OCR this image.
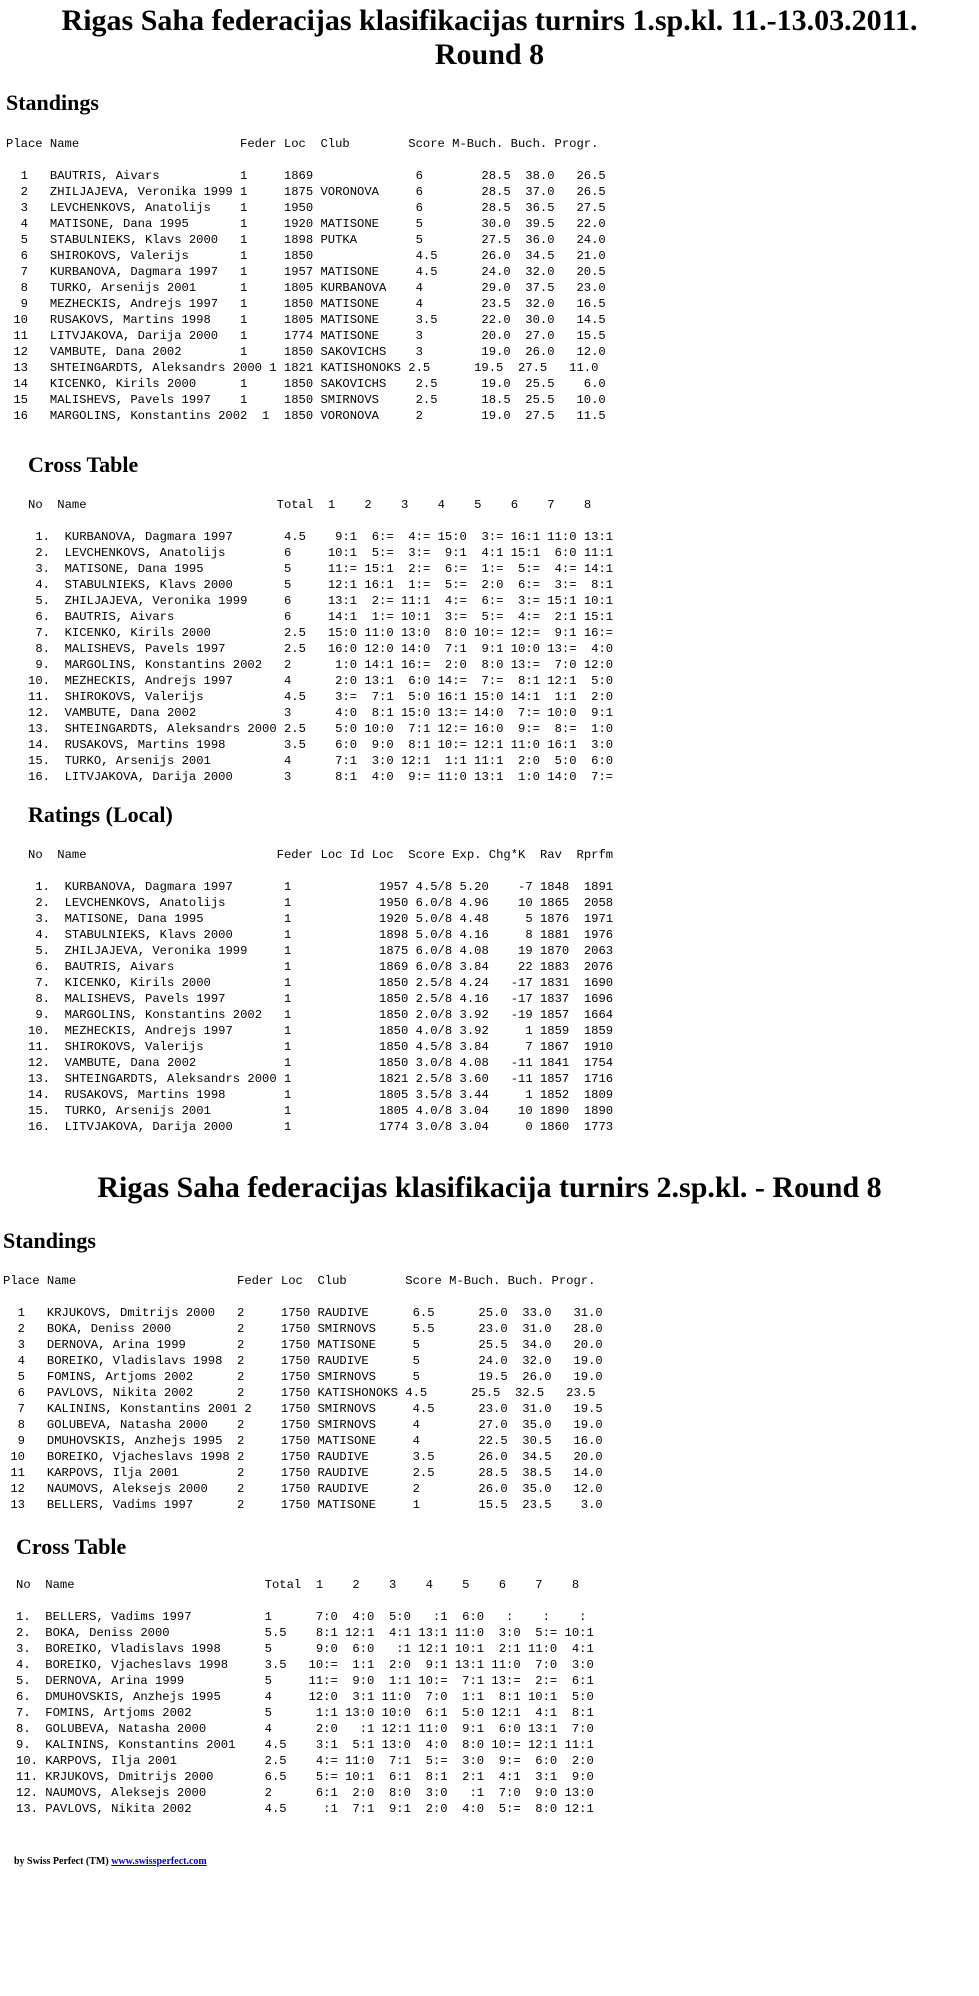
Rigas Saha federacijas klasifikacijas turnirs 1.sp.kl. 11.-13.03.2011.

Round 8

Standings
Place Name                      Feder Loc  Club        Score M-Buch. Buch. Progr.

1   BAUTRIS, Aivars           1     1869              6        28.5  38.0   26.5
2   ZHILJAJEVA, Veronika 1999 1     1875 VORONOVA     6        28.5  37.0   26.5
3   LEVCHENKOVS, Anatolijs    1     1950              6        28.5  36.5   27.5
4   MATISONE, Dana 1995       1     1920 MATISONE     5        30.0  39.5   22.0
5   STABULNIEKS, Klavs 2000   1     1898 PUTKA        5        27.5  36.0   24.0
6   SHIROKOVS, Valerijs       1     1850              4.5      26.0  34.5   21.0
7   KURBANOVA, Dagmara 1997   1     1957 MATISONE     4.5      24.0  32.0   20.5
8   TURKO, Arsenijs 2001      1     1805 KURBANOVA    4        29.0  37.5   23.0
9   MEZHECKIS, Andrejs 1997   1     1850 MATISONE     4        23.5  32.0   16.5
10   RUSAKOVS, Martins 1998    1     1805 MATISONE     3.5      22.0  30.0   14.5
11   LITVJAKOVA, Darija 2000   1     1774 MATISONE     3        20.0  27.0   15.5
12   VAMBUTE, Dana 2002        1     1850 SAKOVICHS    3        19.0  26.0   12.0
13   SHTEINGARDTS, Aleksandrs 2000 1 1821 KATISHONOKS 2.5      19.5  27.5   11.0
14   KICENKO, Kirils 2000      1     1850 SAKOVICHS    2.5      19.0  25.5    6.0
15   MALISHEVS, Pavels 1997    1     1850 SMIRNOVS     2.5      18.5  25.5   10.0
16   MARGOLINS, Konstantins 2002  1  1850 VORONOVA     2        19.0  27.5   11.5
Cross Table
No  Name                          Total  1    2    3    4    5    6    7    8

1.  KURBANOVA, Dagmara 1997       4.5    9:1  6:=  4:= 15:0  3:= 16:1 11:0 13:1
2.  LEVCHENKOVS, Anatolijs        6     10:1  5:=  3:=  9:1  4:1 15:1  6:0 11:1
3.  MATISONE, Dana 1995           5     11:= 15:1  2:=  6:=  1:=  5:=  4:= 14:1
4.  STABULNIEKS, Klavs 2000       5     12:1 16:1  1:=  5:=  2:0  6:=  3:=  8:1
5.  ZHILJAJEVA, Veronika 1999     6     13:1  2:= 11:1  4:=  6:=  3:= 15:1 10:1
6.  BAUTRIS, Aivars               6     14:1  1:= 10:1  3:=  5:=  4:=  2:1 15:1
7.  KICENKO, Kirils 2000          2.5   15:0 11:0 13:0  8:0 10:= 12:=  9:1 16:=
8.  MALISHEVS, Pavels 1997        2.5   16:0 12:0 14:0  7:1  9:1 10:0 13:=  4:0
9.  MARGOLINS, Konstantins 2002   2      1:0 14:1 16:=  2:0  8:0 13:=  7:0 12:0
10.  MEZHECKIS, Andrejs 1997       4      2:0 13:1  6:0 14:=  7:=  8:1 12:1  5:0
11.  SHIROKOVS, Valerijs           4.5    3:=  7:1  5:0 16:1 15:0 14:1  1:1  2:0
12.  VAMBUTE, Dana 2002            3      4:0  8:1 15:0 13:= 14:0  7:= 10:0  9:1
13.  SHTEINGARDTS, Aleksandrs 2000 2.5    5:0 10:0  7:1 12:= 16:0  9:=  8:=  1:0
14.  RUSAKOVS, Martins 1998        3.5    6:0  9:0  8:1 10:= 12:1 11:0 16:1  3:0
15.  TURKO, Arsenijs 2001          4      7:1  3:0 12:1  1:1 11:1  2:0  5:0  6:0
16.  LITVJAKOVA, Darija 2000       3      8:1  4:0  9:= 11:0 13:1  1:0 14:0  7:=
Ratings (Local)
No  Name                          Feder Loc Id Loc  Score Exp. Chg*K  Rav  Rprfm

1.  KURBANOVA, Dagmara 1997       1            1957 4.5/8 5.20    -7 1848  1891
2.  LEVCHENKOVS, Anatolijs        1            1950 6.0/8 4.96    10 1865  2058
3.  MATISONE, Dana 1995           1            1920 5.0/8 4.48     5 1876  1971
4.  STABULNIEKS, Klavs 2000       1            1898 5.0/8 4.16     8 1881  1976
5.  ZHILJAJEVA, Veronika 1999     1            1875 6.0/8 4.08    19 1870  2063
6.  BAUTRIS, Aivars               1            1869 6.0/8 3.84    22 1883  2076
7.  KICENKO, Kirils 2000          1            1850 2.5/8 4.24   -17 1831  1690
8.  MALISHEVS, Pavels 1997        1            1850 2.5/8 4.16   -17 1837  1696
9.  MARGOLINS, Konstantins 2002   1            1850 2.0/8 3.92   -19 1857  1664
10.  MEZHECKIS, Andrejs 1997       1            1850 4.0/8 3.92     1 1859  1859
11.  SHIROKOVS, Valerijs           1            1850 4.5/8 3.84     7 1867  1910
12.  VAMBUTE, Dana 2002            1            1850 3.0/8 4.08   -11 1841  1754
13.  SHTEINGARDTS, Aleksandrs 2000 1            1821 2.5/8 3.60   -11 1857  1716
14.  RUSAKOVS, Martins 1998        1            1805 3.5/8 3.44     1 1852  1809
15.  TURKO, Arsenijs 2001          1            1805 4.0/8 3.04    10 1890  1890
16.  LITVJAKOVA, Darija 2000       1            1774 3.0/8 3.04     0 1860  1773

Rigas Saha federacijas klasifikacija turnirs 2.sp.kl. - Round 8

Standings
Place Name                      Feder Loc  Club        Score M-Buch. Buch. Progr.

1   KRJUKOVS, Dmitrijs 2000   2     1750 RAUDIVE      6.5      25.0  33.0   31.0
2   BOKA, Deniss 2000         2     1750 SMIRNOVS     5.5      23.0  31.0   28.0
3   DERNOVA, Arina 1999       2     1750 MATISONE     5        25.5  34.0   20.0
4   BOREIKO, Vladislavs 1998  2     1750 RAUDIVE      5        24.0  32.0   19.0
5   FOMINS, Artjoms 2002      2     1750 SMIRNOVS     5        19.5  26.0   19.0
6   PAVLOVS, Nikita 2002      2     1750 KATISHONOKS 4.5      25.5  32.5   23.5
7   KALININS, Konstantins 2001 2    1750 SMIRNOVS     4.5      23.0  31.0   19.5
8   GOLUBEVA, Natasha 2000    2     1750 SMIRNOVS     4        27.0  35.0   19.0
9   DMUHOVSKIS, Anzhejs 1995  2     1750 MATISONE     4        22.5  30.5   16.0
10   BOREIKO, Vjacheslavs 1998 2     1750 RAUDIVE      3.5      26.0  34.5   20.0
11   KARPOVS, Ilja 2001        2     1750 RAUDIVE      2.5      28.5  38.5   14.0
12   NAUMOVS, Aleksejs 2000    2     1750 RAUDIVE      2        26.0  35.0   12.0
13   BELLERS, Vadims 1997      2     1750 MATISONE     1        15.5  23.5    3.0
Cross Table
No  Name                          Total  1    2    3    4    5    6    7    8

1.  BELLERS, Vadims 1997          1      7:0  4:0  5:0   :1  6:0   :    :    :
2.  BOKA, Deniss 2000             5.5    8:1 12:1  4:1 13:1 11:0  3:0  5:= 10:1
3.  BOREIKO, Vladislavs 1998      5      9:0  6:0   :1 12:1 10:1  2:1 11:0  4:1
4.  BOREIKO, Vjacheslavs 1998     3.5   10:=  1:1  2:0  9:1 13:1 11:0  7:0  3:0
5.  DERNOVA, Arina 1999           5     11:=  9:0  1:1 10:=  7:1 13:=  2:=  6:1
6.  DMUHOVSKIS, Anzhejs 1995      4     12:0  3:1 11:0  7:0  1:1  8:1 10:1  5:0
7.  FOMINS, Artjoms 2002          5      1:1 13:0 10:0  6:1  5:0 12:1  4:1  8:1
8.  GOLUBEVA, Natasha 2000        4      2:0   :1 12:1 11:0  9:1  6:0 13:1  7:0
9.  KALININS, Konstantins 2001    4.5    3:1  5:1 13:0  4:0  8:0 10:= 12:1 11:1
10. KARPOVS, Ilja 2001            2.5    4:= 11:0  7:1  5:=  3:0  9:=  6:0  2:0
11. KRJUKOVS, Dmitrijs 2000       6.5    5:= 10:1  6:1  8:1  2:1  4:1  3:1  9:0
12. NAUMOVS, Aleksejs 2000        2      6:1  2:0  8:0  3:0   :1  7:0  9:0 13:0
13. PAVLOVS, Nikita 2002          4.5     :1  7:1  9:1  2:0  4:0  5:=  8:0 12:1
by Swiss Perfect (TM) www.swissperfect.com
